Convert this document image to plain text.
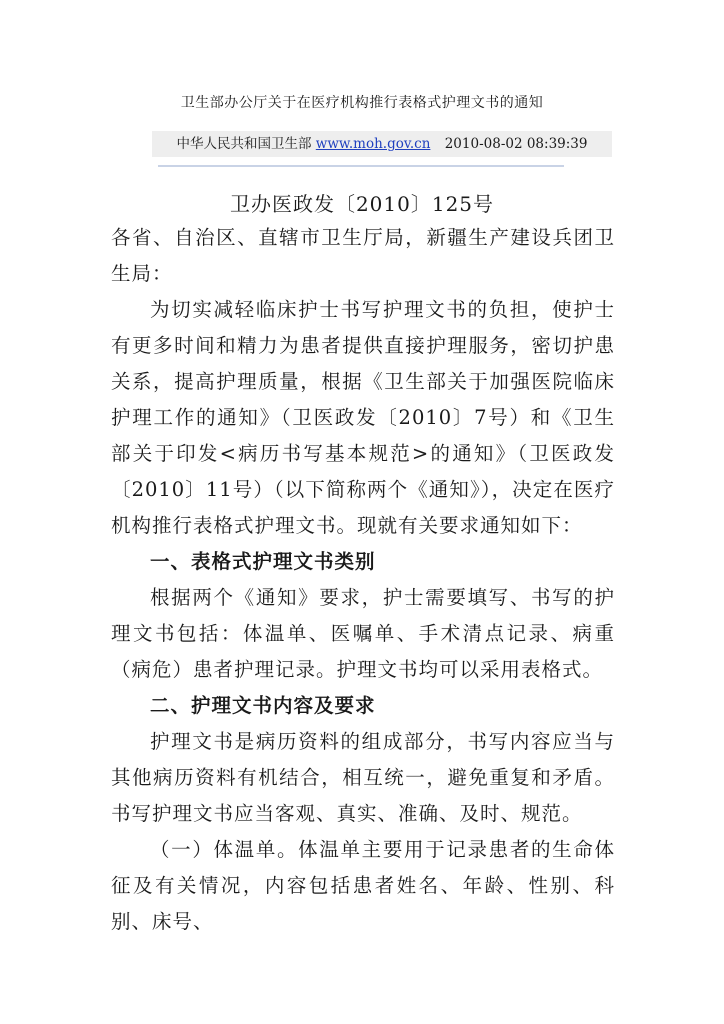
卫生部办公厅关于在医疗机构推行表格式护理文书的通知
中华人民共和国卫生部 www.moh.gov.cn 2010-08-02 08:39:39
卫办医政发〔2010〕125号

各省、自治区、直辖市卫生厅局，新疆生产建设兵团卫生局：

为切实减轻临床护士书写护理文书的负担，使护士有更多时间和精力为患者提供直接护理服务，密切护患关系，提高护理质量，根据《卫生部关于加强医院临床护理工作的通知》（卫医政发〔2010〕7号）和《卫生部关于印发<病历书写基本规范>的通知》（卫医政发〔2010〕11号）（以下简称两个《通知》），决定在医疗机构推行表格式护理文书。现就有关要求通知如下：

一、表格式护理文书类别

根据两个《通知》要求，护士需要填写、书写的护理文书包括：体温单、医嘱单、手术清点记录、病重（病危）患者护理记录。护理文书均可以采用表格式。

二、护理文书内容及要求

护理文书是病历资料的组成部分，书写内容应当与其他病历资料有机结合，相互统一，避免重复和矛盾。书写护理文书应当客观、真实、准确、及时、规范。

（一）体温单。体温单主要用于记录患者的生命体征及有关情况，内容包括患者姓名、年龄、性别、科别、床号、
